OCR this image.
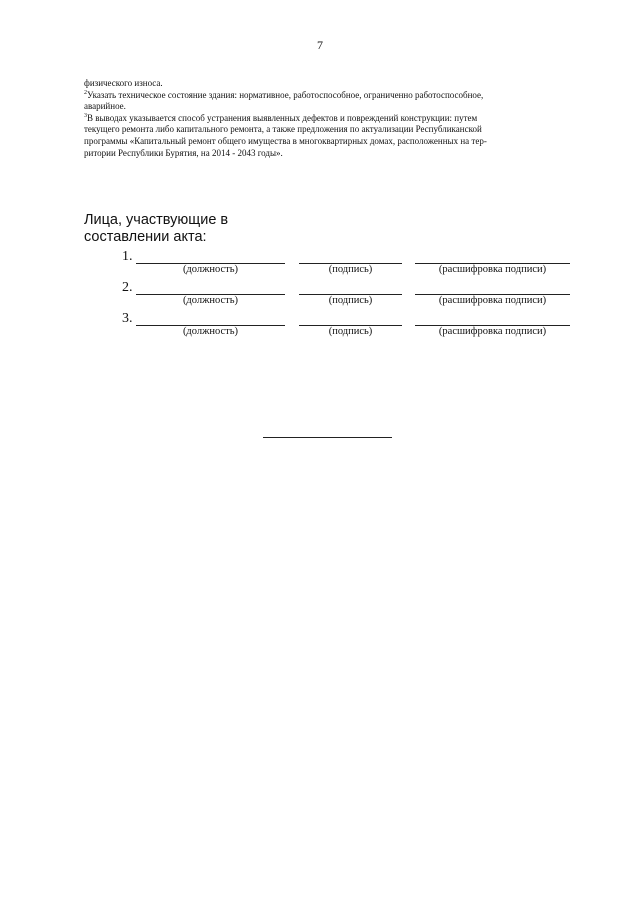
7
физического износа.
$^2$Указать техническое состояние здания: нормативное, работоспособное, ограниченно работоспособное,
аварийное.
$^3$В выводах указывается способ устранения выявленных дефектов и повреждений конструкции: путем
текущего ремонта либо капитального ремонта, а также предложения по актуализации Республиканской
программы «Капитальный ремонт общего имущества в многоквартирных домах, расположенных на тер-
ритории Республики Бурятия, на 2014 - 2043 годы».
Лица, участвующие в
составлении акта:
1.
(должность)	(подпись)	(расшифровка подписи)
2.
(должность)	(подпись)	(расшифровка подписи)
3.
(должность)	(подпись)	(расшифровка подписи)
